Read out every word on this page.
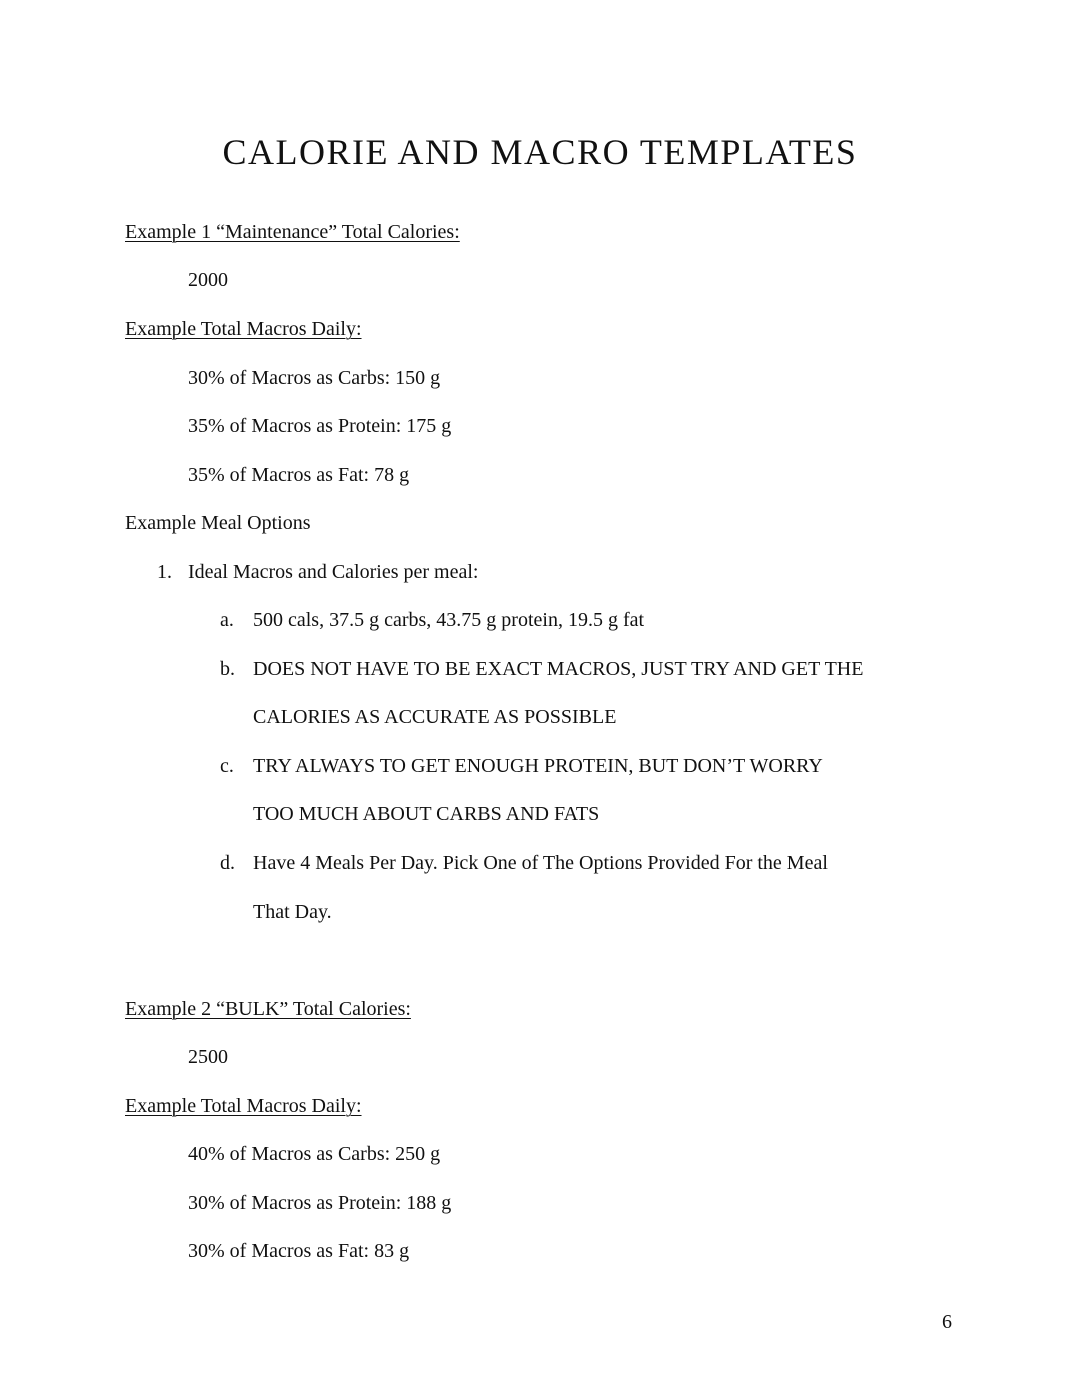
CALORIE AND MACRO TEMPLATES
Example 1 “Maintenance” Total Calories:
2000
Example Total Macros Daily:
30% of Macros as Carbs: 150 g
35% of Macros as Protein: 175 g
35% of Macros as Fat: 78 g
Example Meal Options
1. Ideal Macros and Calories per meal:
a. 500 cals, 37.5 g carbs, 43.75 g protein, 19.5 g fat
b. DOES NOT HAVE TO BE EXACT MACROS, JUST TRY AND GET THE
CALORIES AS ACCURATE AS POSSIBLE
c. TRY ALWAYS TO GET ENOUGH PROTEIN, BUT DON’T WORRY
TOO MUCH ABOUT CARBS AND FATS
d. Have 4 Meals Per Day. Pick One of The Options Provided For the Meal
That Day.
Example 2 “BULK” Total Calories:
2500
Example Total Macros Daily:
40% of Macros as Carbs: 250 g
30% of Macros as Protein: 188 g
30% of Macros as Fat: 83 g
6
